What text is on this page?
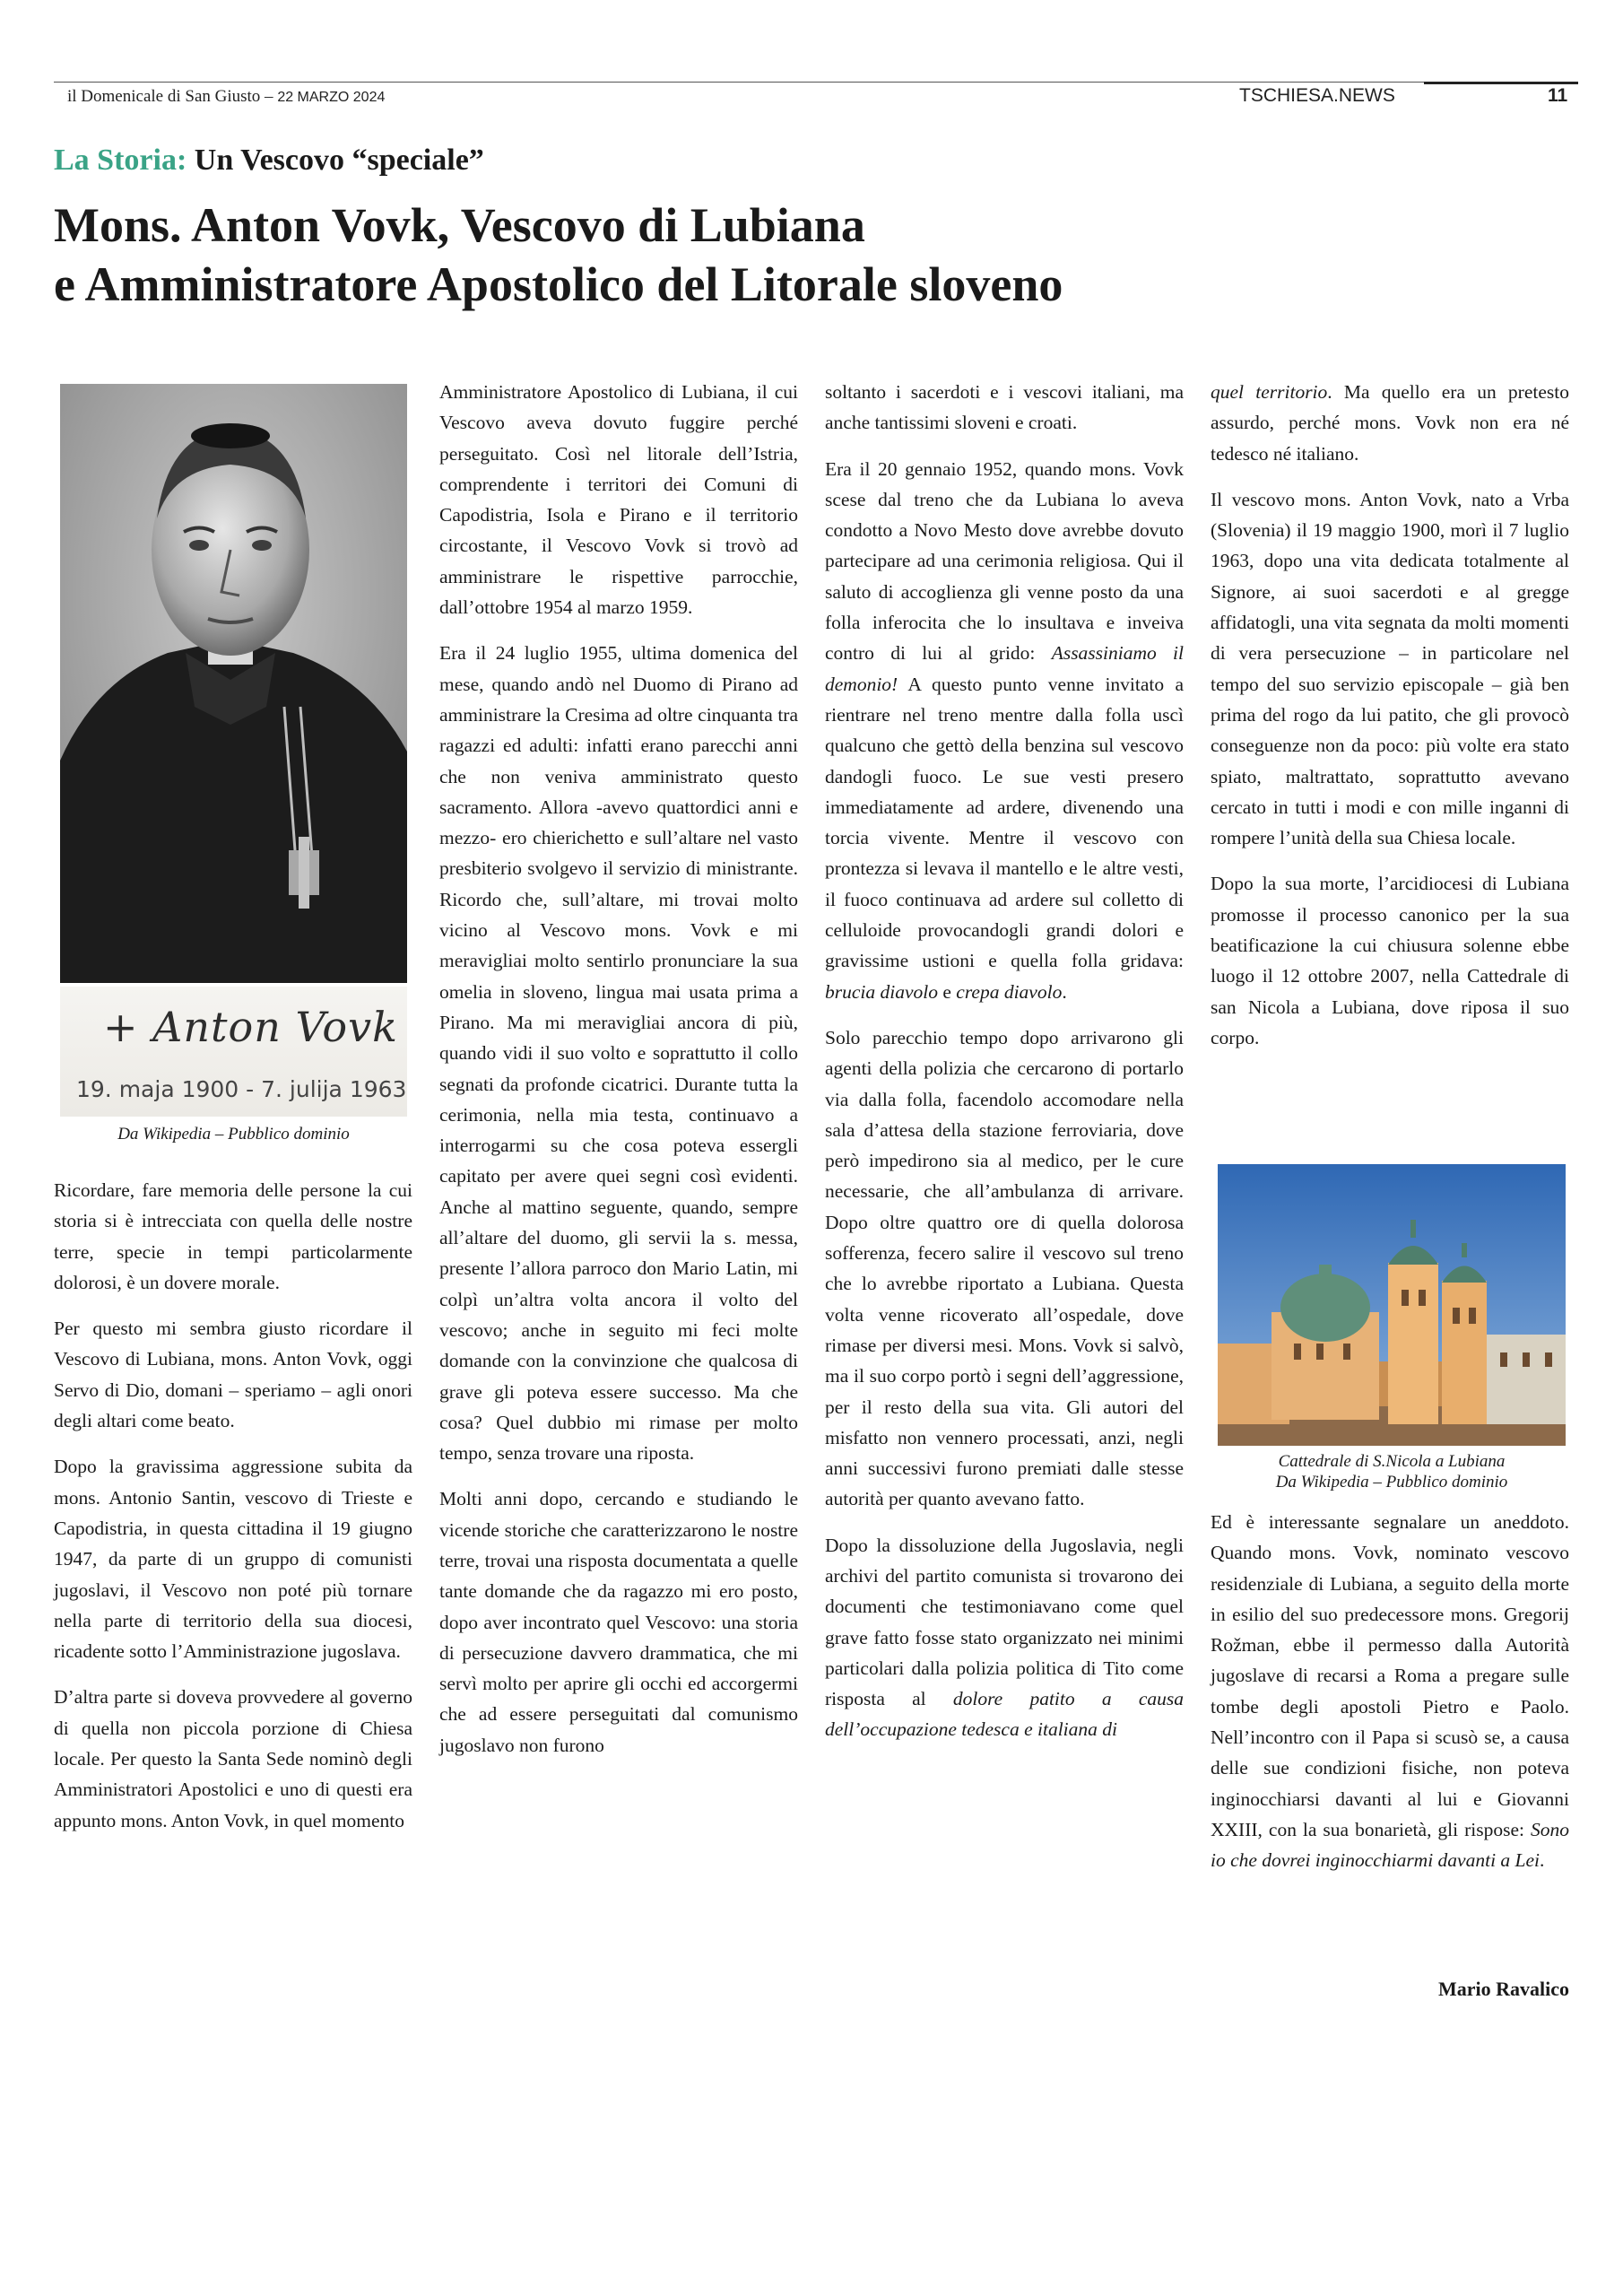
il Domenicale di San Giusto – 22 MARZO 2024	TSCHIESA.NEWS	11
La Storia: Un Vescovo “speciale”
Mons. Anton Vovk, Vescovo di Lubiana
e Amministratore Apostolico del Litorale sloveno
+ Anton Vovk
19. maja 1900 - 7. julija 1963
Da Wikipedia – Pubblico dominio

Ricordare, fare memoria delle persone la cui storia si è intrecciata con quella delle nostre terre, specie in tempi particolarmente dolorosi, è un dovere morale.

Per questo mi sembra giusto ricordare il Vescovo di Lubiana, mons. Anton Vovk, oggi Servo di Dio, domani – speriamo – agli onori degli altari come beato.

Dopo la gravissima aggressione subita da mons. Antonio Santin, vescovo di Trieste e Capodistria, in questa cittadina il 19 giugno 1947, da parte di un gruppo di comunisti jugoslavi, il Vescovo non poté più tornare nella parte di territorio della sua diocesi, ricadente sotto l’Amministrazione jugoslava.

D’altra parte si doveva provvedere al governo di quella non piccola porzione di Chiesa locale. Per questo la Santa Sede nominò degli Amministratori Apostolici e uno di questi era appunto mons. Anton Vovk, in quel momento

Amministratore Apostolico di Lubiana, il cui Vescovo aveva dovuto fuggire perché perseguitato. Così nel litorale dell’Istria, comprendente i territori dei Comuni di Capodistria, Isola e Pirano e il territorio circostante, il Vescovo Vovk si trovò ad amministrare le rispettive parrocchie, dall’ottobre 1954 al marzo 1959.

Era il 24 luglio 1955, ultima domenica del mese, quando andò nel Duomo di Pirano ad amministrare la Cresima ad oltre cinquanta tra ragazzi ed adulti: infatti erano parecchi anni che non veniva amministrato questo sacramento. Allora -avevo quattordici anni e mezzo- ero chierichetto e sull’altare nel vasto presbiterio svolgevo il servizio di ministrante. Ricordo che, sull’altare, mi trovai molto vicino al Vescovo mons. Vovk e mi meravigliai molto sentirlo pronunciare la sua omelia in sloveno, lingua mai usata prima a Pirano. Ma mi meravigliai ancora di più, quando vidi il suo volto e soprattutto il collo segnati da profonde cicatrici. Durante tutta la cerimonia, nella mia testa, continuavo a interrogarmi su che cosa poteva essergli capitato per avere quei segni così evidenti. Anche al mattino seguente, quando, sempre all’altare del duomo, gli servii la s. messa, presente l’allora parroco don Mario Latin, mi colpì un’altra volta ancora il volto del vescovo; anche in seguito mi feci molte domande con la convinzione che qualcosa di grave gli poteva essere successo. Ma che cosa? Quel dubbio mi rimase per molto tempo, senza trovare una riposta.

Molti anni dopo, cercando e studiando le vicende storiche che caratterizzarono le nostre terre, trovai una risposta documentata a quelle tante domande che da ragazzo mi ero posto, dopo aver incontrato quel Vescovo: una storia di persecuzione davvero drammatica, che mi servì molto per aprire gli occhi ed accorgermi che ad essere perseguitati dal comunismo jugoslavo non furono

soltanto i sacerdoti e i vescovi italiani, ma anche tantissimi sloveni e croati.

Era il 20 gennaio 1952, quando mons. Vovk scese dal treno che da Lubiana lo aveva condotto a Novo Mesto dove avrebbe dovuto partecipare ad una cerimonia religiosa. Qui il saluto di accoglienza gli venne posto da una folla inferocita che lo insultava e inveiva contro di lui al grido: Assassiniamo il demonio! A questo punto venne invitato a rientrare nel treno mentre dalla folla uscì qualcuno che gettò della benzina sul vescovo dandogli fuoco. Le sue vesti presero immediatamente ad ardere, divenendo una torcia vivente. Mentre il vescovo con prontezza si levava il mantello e le altre vesti, il fuoco continuava ad ardere sul colletto di celluloide provocandogli grandi dolori e gravissime ustioni e quella folla gridava: brucia diavolo e crepa diavolo.

Solo parecchio tempo dopo arrivarono gli agenti della polizia che cercarono di portarlo via dalla folla, facendolo accomodare nella sala d’attesa della stazione ferroviaria, dove però impedirono sia al medico, per le cure necessarie, che all’ambulanza di arrivare. Dopo oltre quattro ore di quella dolorosa sofferenza, fecero salire il vescovo sul treno che lo avrebbe riportato a Lubiana. Questa volta venne ricoverato all’ospedale, dove rimase per diversi mesi. Mons. Vovk si salvò, ma il suo corpo portò i segni dell’aggressione, per il resto della sua vita. Gli autori del misfatto non vennero processati, anzi, negli anni successivi furono premiati dalle stesse autorità per quanto avevano fatto.

Dopo la dissoluzione della Jugoslavia, negli archivi del partito comunista si trovarono dei documenti che testimoniavano come quel grave fatto fosse stato organizzato nei minimi particolari dalla polizia politica di Tito come risposta al dolore patito a causa dell’occupazione tedesca e italiana di

quel territorio. Ma quello era un pretesto assurdo, perché mons. Vovk non era né tedesco né italiano.

Il vescovo mons. Anton Vovk, nato a Vrba (Slovenia) il 19 maggio 1900, morì il 7 luglio 1963, dopo una vita dedicata totalmente al Signore, ai suoi sacerdoti e al gregge affidatogli, una vita segnata da molti momenti di vera persecuzione – in particolare nel tempo del suo servizio episcopale – già ben prima del rogo da lui patito, che gli provocò conseguenze non da poco: più volte era stato spiato, maltrattato, soprattutto avevano cercato in tutti i modi e con mille inganni di rompere l’unità della sua Chiesa locale.

Dopo la sua morte, l’arcidiocesi di Lubiana promosse il processo canonico per la sua beatificazione la cui chiusura solenne ebbe luogo il 12 ottobre 2007, nella Cattedrale di san Nicola a Lubiana, dove riposa il suo corpo.

Cattedrale di S.Nicola a Lubiana
Da Wikipedia – Pubblico dominio

Ed è interessante segnalare un aneddoto. Quando mons. Vovk, nominato vescovo residenziale di Lubiana, a seguito della morte in esilio del suo predecessore mons. Gregorij Rožman, ebbe il permesso dalla Autorità jugoslave di recarsi a Roma a pregare sulle tombe degli apostoli Pietro e Paolo. Nell’incontro con il Papa si scusò se, a causa delle sue condizioni fisiche, non poteva inginocchiarsi davanti al lui e Giovanni XXIII, con la sua bonarietà, gli rispose: Sono io che dovrei inginocchiarmi davanti a Lei.

Mario Ravalico
